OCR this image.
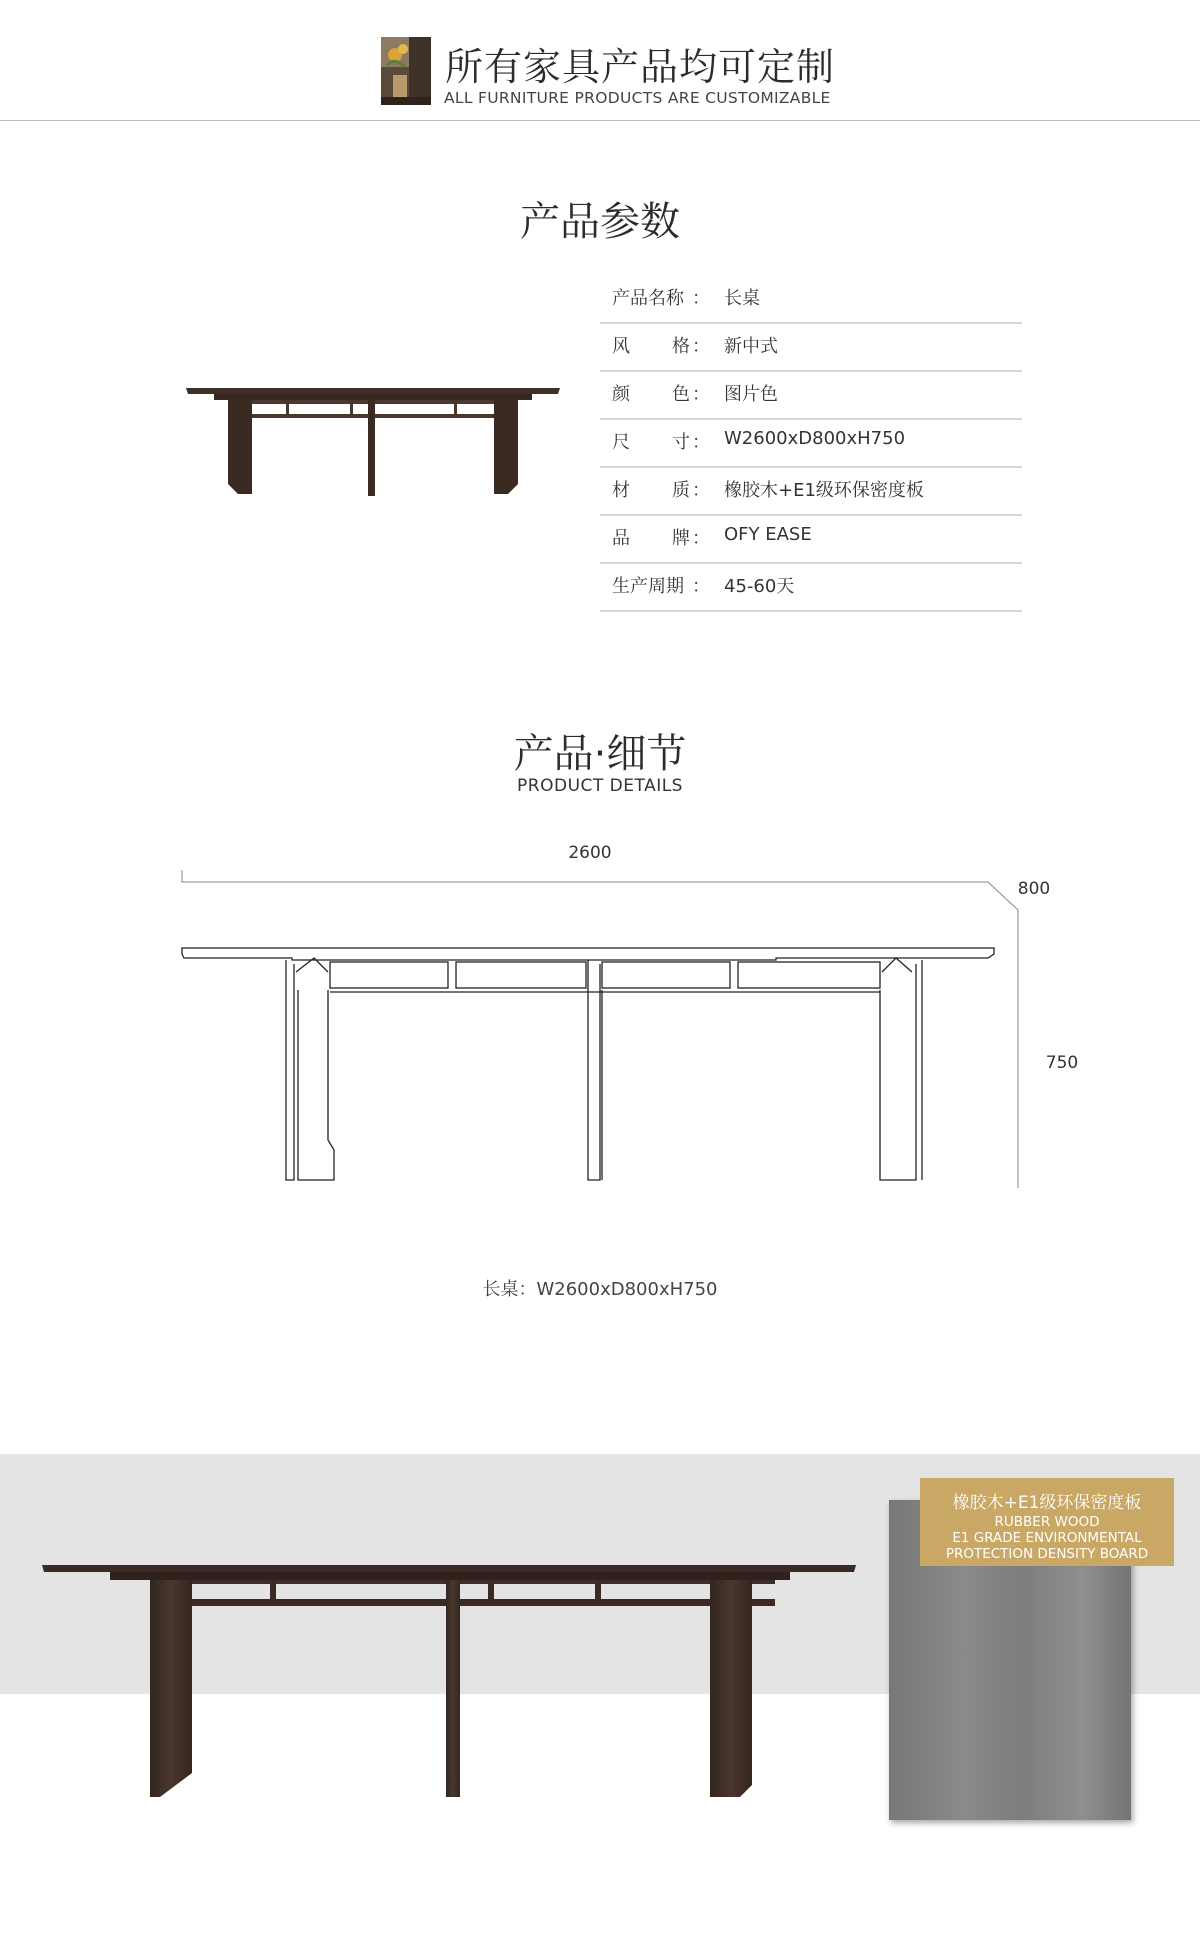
所有家具产品均可定制
ALL FURNITURE PRODUCTS ARE CUSTOMIZABLE
产品参数
产品名称 ： 长桌
风 格 ： 新中式
颜 色 ： 图片色
尺 寸 ： W2600xD800xH750
材 质 ： 橡胶木+E1级环保密度板
品 牌 ： OFY EASE
生产周期 ： 45-60天
产品·细节
PRODUCT DETAILS
2600
800
750
长桌：W2600xD800xH750
橡胶木+E1级环保密度板
RUBBER WOOD
E1 GRADE ENVIRONMENTAL
PROTECTION DENSITY BOARD
